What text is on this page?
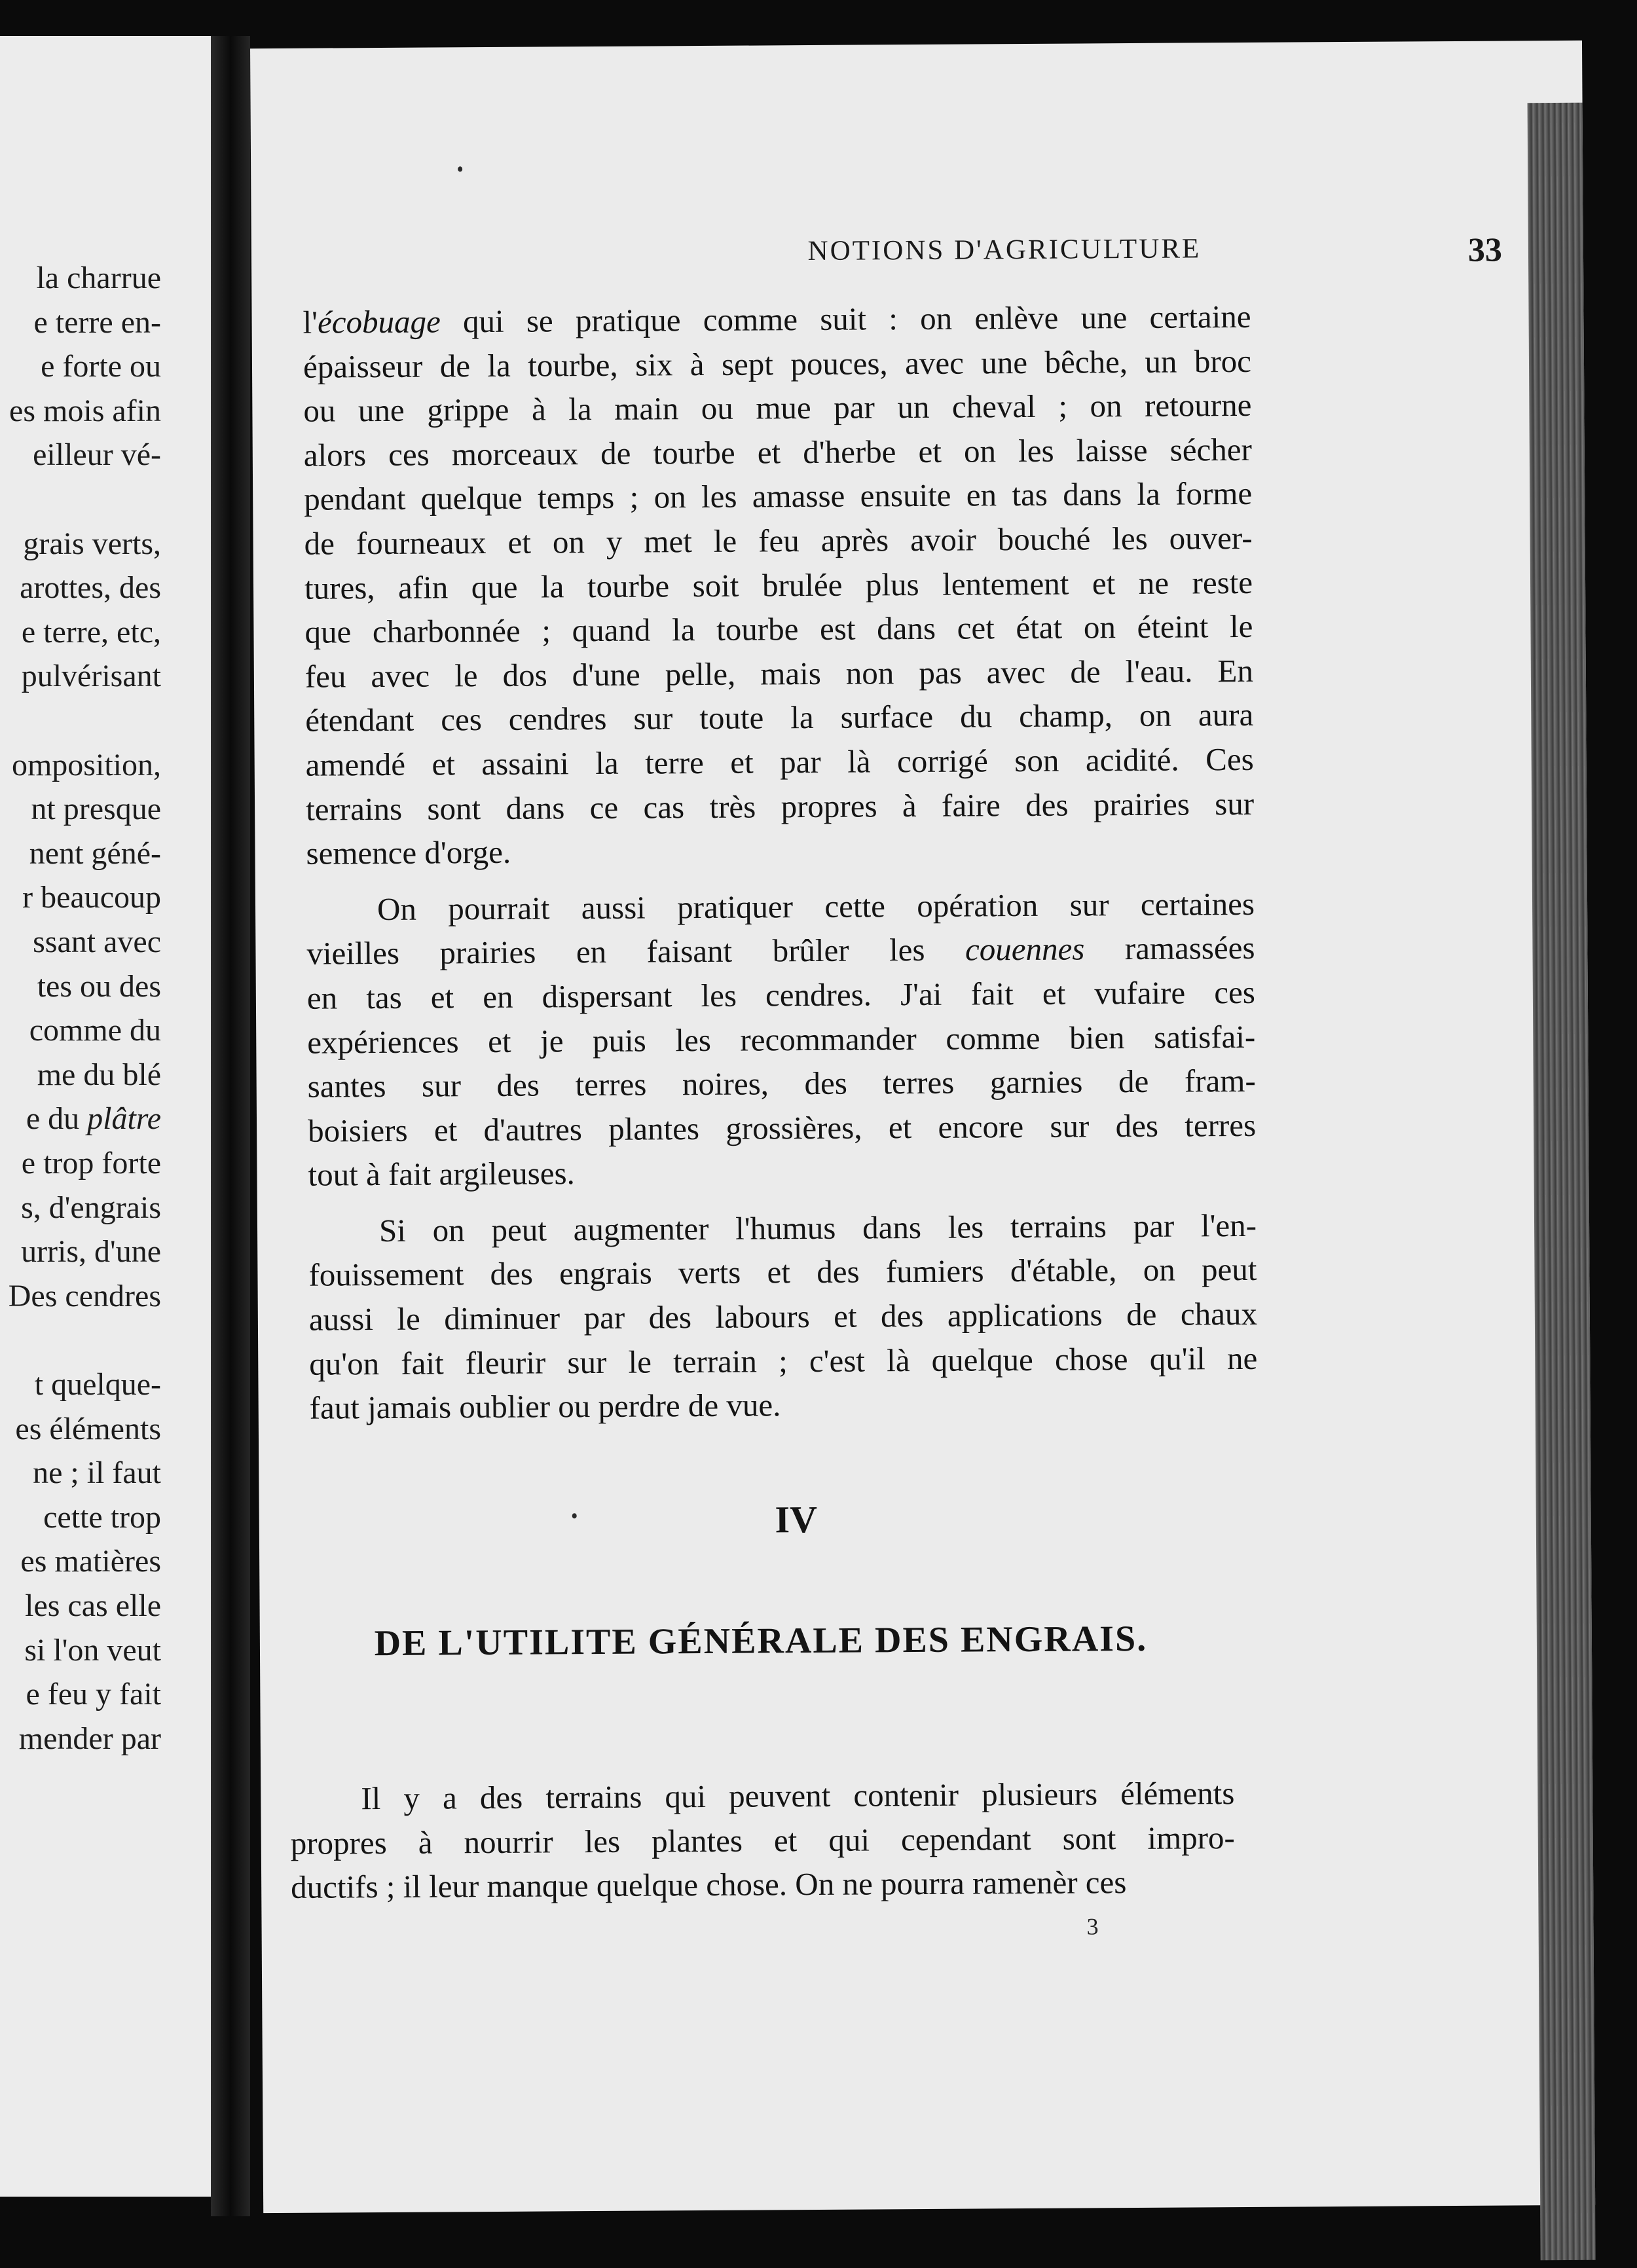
la charrue
e terre en-
e forte ou
es mois afin
eilleur vé-
grais verts,
arottes, des
e terre, etc,
pulvérisant
omposition,
nt presque
nent géné-
r beaucoup
ssant avec
tes ou des
comme du
me du blé
e du plâtre
e trop forte
s, d'engrais
urris, d'une
Des cendres
t quelque-
es éléments
ne ; il faut
cette trop
es matières
les cas elle
si l'on veut
e feu y fait
mender par
NOTIONS D'AGRICULTURE	33
l'écobuage qui se pratique comme suit : on enlève une certaine
épaisseur de la tourbe, six à sept pouces, avec une bêche, un broc
ou une grippe à la main ou mue par un cheval ; on retourne
alors ces morceaux de tourbe et d'herbe et on les laisse sécher
pendant quelque temps ; on les amasse ensuite en tas dans la forme
de fourneaux et on y met le feu après avoir bouché les ouver-
tures, afin que la tourbe soit brulée plus lentement et ne reste
que charbonnée ; quand la tourbe est dans cet état on éteint le
feu avec le dos d'une pelle, mais non pas avec de l'eau. En
étendant ces cendres sur toute la surface du champ, on aura
amendé et assaini la terre et par là corrigé son acidité. Ces
terrains sont dans ce cas très propres à faire des prairies sur
semence d'orge.
On pourrait aussi pratiquer cette opération sur certaines
vieilles prairies en faisant brûler les couennes ramassées
en tas et en dispersant les cendres. J'ai fait et vufaire ces
expériences et je puis les recommander comme bien satisfai-
santes sur des terres noires, des terres garnies de fram-
boisiers et d'autres plantes grossières, et encore sur des terres
tout à fait argileuses.
Si on peut augmenter l'humus dans les terrains par l'en-
fouissement des engrais verts et des fumiers d'étable, on peut
aussi le diminuer par des labours et des applications de chaux
qu'on fait fleurir sur le terrain ; c'est là quelque chose qu'il ne
faut jamais oublier ou perdre de vue.
IV
DE L'UTILITE GÉNÉRALE DES ENGRAIS.
Il y a des terrains qui peuvent contenir plusieurs éléments
propres à nourrir les plantes et qui cependant sont impro-
ductifs ; il leur manque quelque chose. On ne pourra ramenèr ces
3
